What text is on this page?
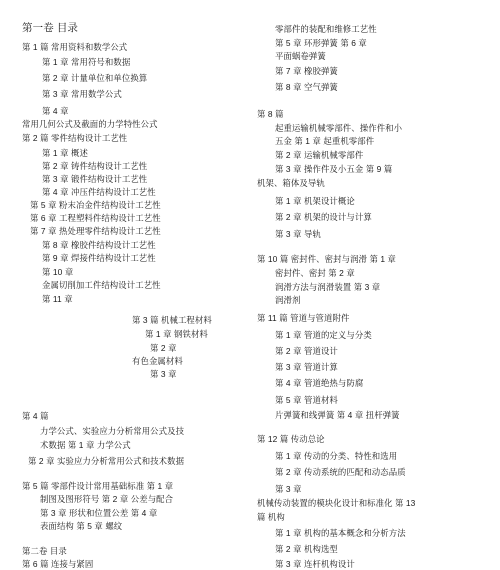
第一卷 目录
第 1 篇 常用资料和数学公式
第 1 章 常用符号和数据
第 2 章 计量单位和单位换算
第 3 章 常用数学公式
第 4 章
常用几何公式及截面的力学特性公式
第 2 篇 零件结构设计工艺性
第 1 章 概述
第 2 章 铸件结构设计工艺性
第 3 章 锻件结构设计工艺性
第 4 章 冲压件结构设计工艺性
第 5 章 粉末冶金件结构设计工艺性
第 6 章 工程塑料件结构设计工艺性
第 7 章 热处理零件结构设计工艺性
第 8 章 橡胶件结构设计工艺性
第 9 章 焊接件结构设计工艺性
第 10 章
金属切削加工件结构设计工艺性
第 11 章
第 3 篇 机械工程材料
第 1 章 钢铁材料
第 2 章
有色金属材料
第 3 章
第 4 篇
力学公式、实验应力分析常用公式及技
术数据 第 1 章 力学公式
第 2 章 实验应力分析常用公式和技术数据
第 5 篇 零部件设计常用基础标准 第 1 章
制图及图形符号 第 2 章 公差与配合
第 3 章 形状和位置公差 第 4 章
表面结构 第 5 章 螺纹
第二卷 目录
第 6 篇 连接与紧固
零部件的装配和维修工艺性
第 5 章 环形弹簧 第 6 章
平面蜗卷弹簧
第 7 章 橡胶弹簧
第 8 章 空气弹簧
第 8 篇
起重运输机械零部件、操作件和小
五金 第 1 章 起重机零部件
第 2 章 运输机械零部件
第 3 章 操作件及小五金 第 9 篇
机架、箱体及导轨
第 1 章 机架设计概论
第 2 章 机架的设计与计算
第 3 章 导轨
第 10 篇 密封件、密封与润滑 第 1 章
密封件、密封 第 2 章
润滑方法与润滑装置 第 3 章
润滑剂
第 11 篇 管道与管道附件
第 1 章 管道的定义与分类
第 2 章 管道设计
第 3 章 管道计算
第 4 章 管道绝热与防腐
第 5 章 管道材料
片弹簧和线弹簧 第 4 章 扭杆弹簧
第 12 篇 传动总论
第 1 章 传动的分类、特性和选用
第 2 章 传动系统的匹配和动态品质
第 3 章
机械传动装置的模块化设计和标准化 第 13
篇 机构
第 1 章 机构的基本概念和分析方法
第 2 章 机构选型
第 3 章 连杆机构设计
